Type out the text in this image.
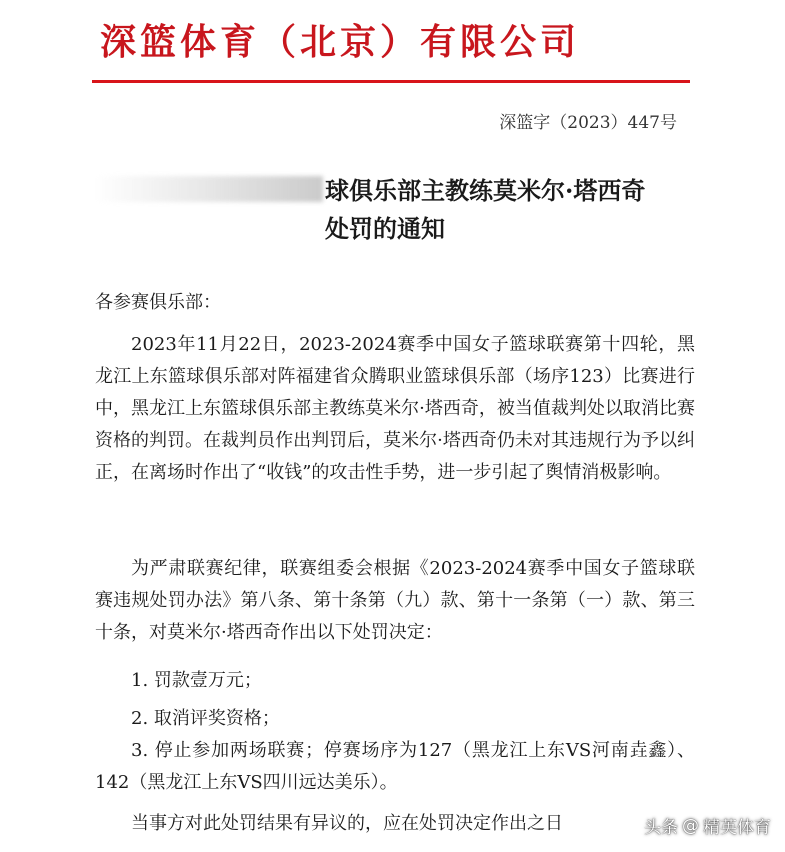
深篮体育（北京）有限公司
深篮字（2023）447号
球俱乐部主教练莫米尔·塔西奇
处罚的通知
各参赛俱乐部：

2023年11月22日，2023-2024赛季中国女子篮球联赛第十四轮，黑龙江上东篮球俱乐部对阵福建省众腾职业篮球俱乐部（场序123）比赛进行中，黑龙江上东篮球俱乐部主教练莫米尔·塔西奇，被当值裁判处以取消比赛资格的判罚。在裁判员作出判罚后，莫米尔·塔西奇仍未对其违规行为予以纠正，在离场时作出了“收钱”的攻击性手势，进一步引起了舆情消极影响。

为严肃联赛纪律，联赛组委会根据《2023-2024赛季中国女子篮球联赛违规处罚办法》第八条、第十条第（九）款、第十一条第（一）款、第三十条，对莫米尔·塔西奇作出以下处罚决定：

1. 罚款壹万元；

2. 取消评奖资格；

3. 停止参加两场联赛；停赛场序为127（黑龙江上东VS河南垚鑫）、142（黑龙江上东VS四川远达美乐）。

当事方对此处罚结果有异议的，应在处罚决定作出之日	头条 @ 精英体育
